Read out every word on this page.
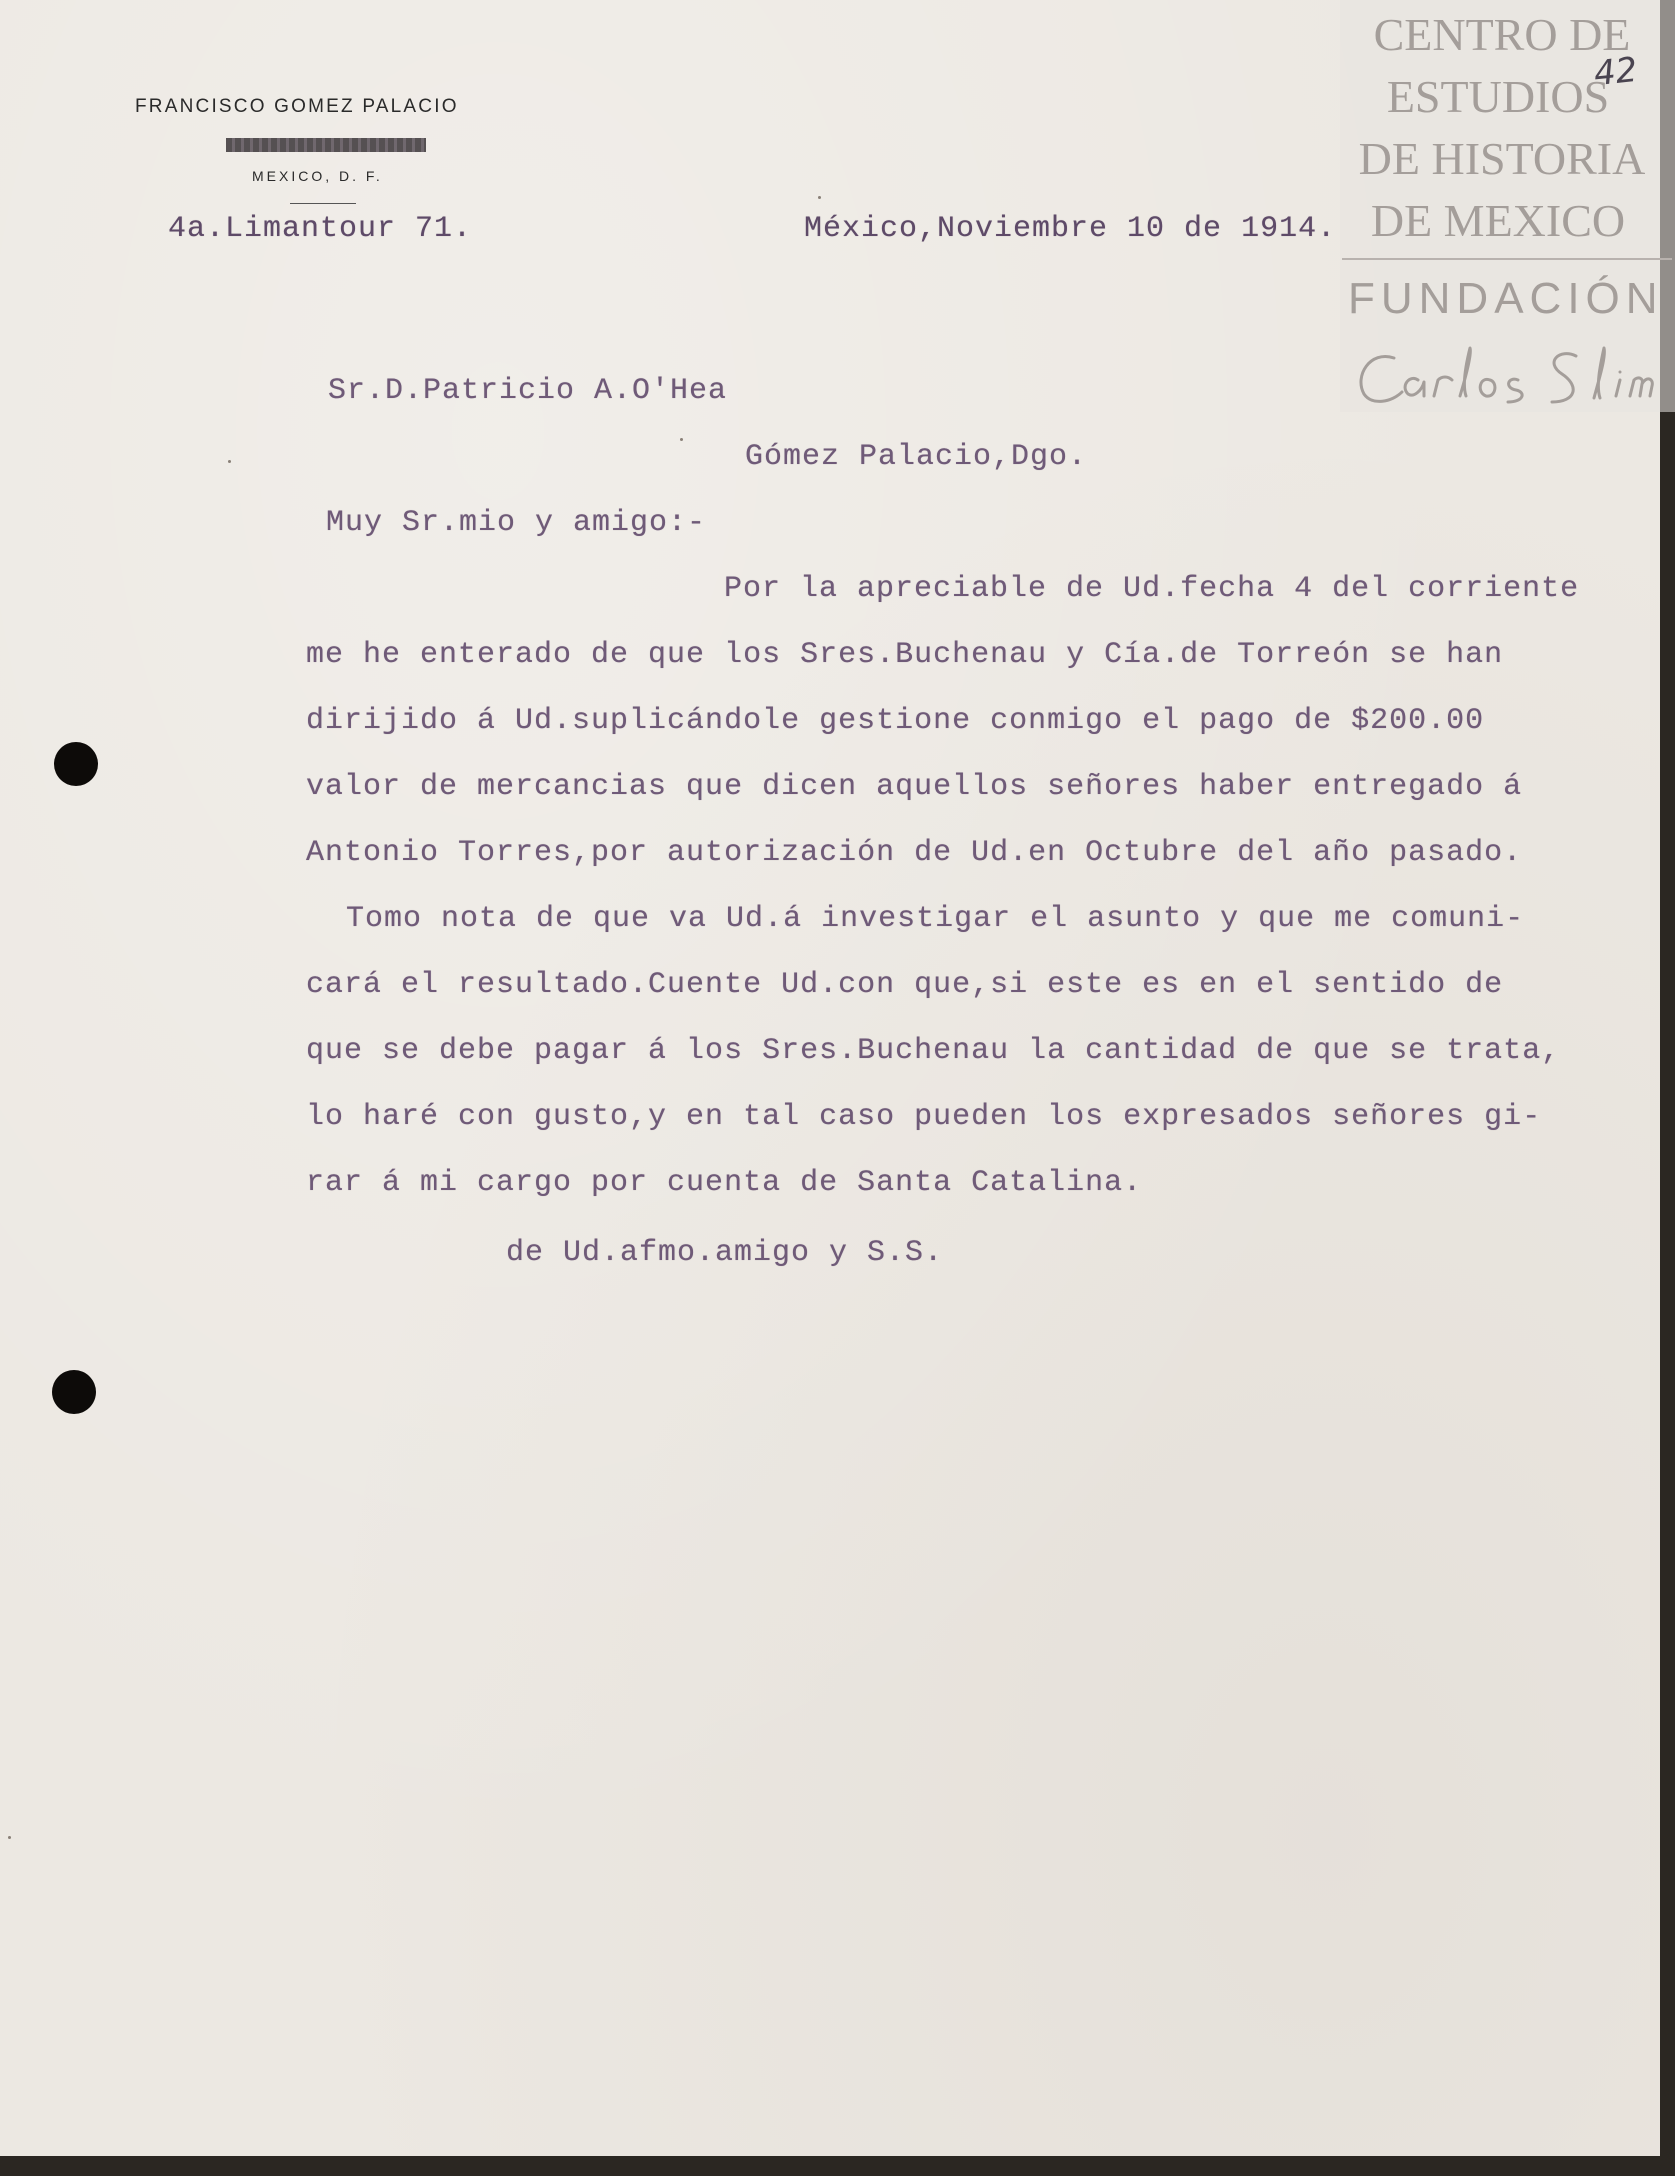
FRANCISCO GOMEZ PALACIO
MEXICO, D. F.
4a.Limantour 71.	México,Noviembre 10 de 1914.
Sr.D.Patricio A.O'Hea
Gómez Palacio,Dgo.
Muy Sr.mio y amigo:-
Por la apreciable de Ud.fecha 4 del corriente
me he enterado de que los Sres.Buchenau y Cía.de Torreón se han
dirijido á Ud.suplicándole gestione conmigo el pago de $200.00
valor de mercancias que dicen aquellos señores haber entregado á
Antonio Torres,por autorización de Ud.en Octubre del año pasado.
Tomo nota de que va Ud.á investigar el asunto y que me comuni-
cará el resultado.Cuente Ud.con que,si este es en el sentido de
que se debe pagar á los Sres.Buchenau la cantidad de que se trata,
lo haré con gusto,y en tal caso pueden los expresados señores gi-
rar á mi cargo por cuenta de Santa Catalina.
de Ud.afmo.amigo y S.S.
CENTRO DE
ESTUDIOS
DE HISTORIA
DE MEXICO
FUNDACIÓN
42
